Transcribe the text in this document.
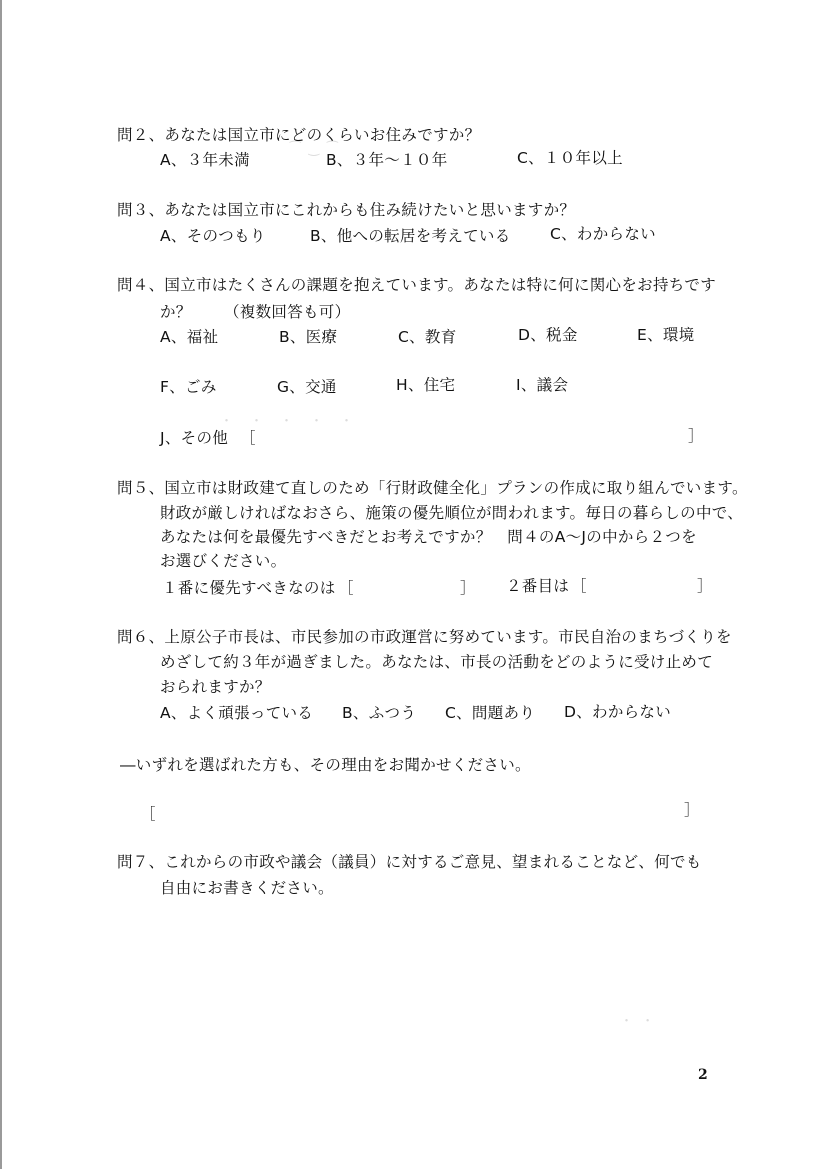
⁀ ‿ ⁀
問２、あなたは国立市にどのくらいお住みですか？
A、３年未満	B、３年～１０年	C、１０年以上
問３、あなたは国立市にこれからも住み続けたいと思いますか？
A、そのつもり	B、他への転居を考えている	C、わからない
問４、国立市はたくさんの課題を抱えています。あなたは特に何に関心をお持ちです
か？ （複数回答も可）
A、福祉	B、医療	C、教育	D、税金	E、環境
F、ごみ	G、交通	H、住宅	I、議会
J、その他 ［	］
問５、国立市は財政建て直しのため「行財政健全化」プランの作成に取り組んでいます。
財政が厳しければなおさら、施策の優先順位が問われます。毎日の暮らしの中で、
あなたは何を最優先すべきだとお考えですか？　問４のA～Jの中から２つを
お選びください。
１番に優先すべきなのは ［	］ ２番目は ［	］
問６、上原公子市長は、市民参加の市政運営に努めています。市民自治のまちづくりを
めざして約３年が過ぎました。あなたは、市長の活動をどのように受け止めて
おられますか？
A、よく頑張っている B、ふつう C、問題あり D、わからない
―いずれを選ばれた方も、その理由をお聞かせください。
［	］
問７、これからの市政や議会（議員）に対するご意見、望まれることなど、何でも
自由にお書きください。
・　・　・　・　・
・ ・
2
